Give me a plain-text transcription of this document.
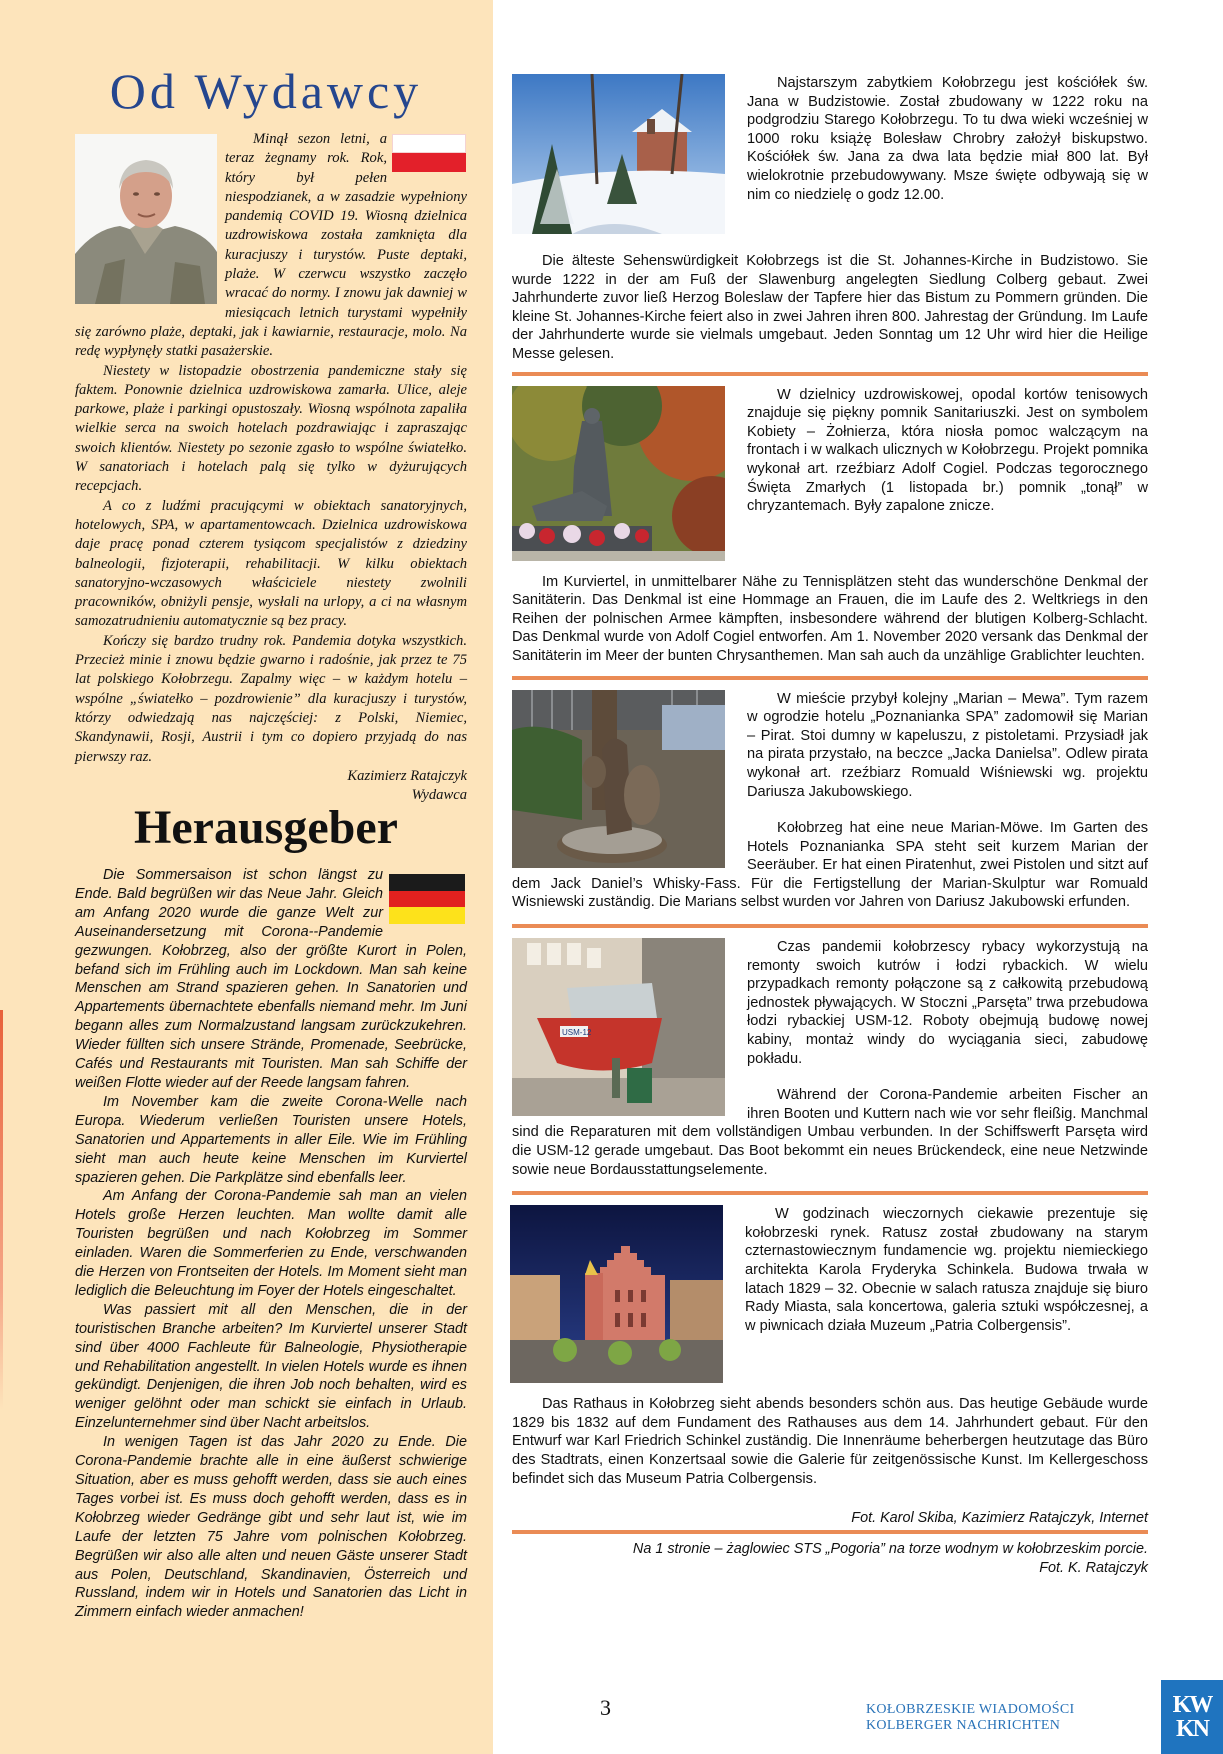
Od Wydawcy

Minął sezon letni, a teraz żegnamy rok. Rok, który był pełen niespodzianek, a w zasadzie wypełniony pandemią COVID 19. Wiosną dzielnica uzdrowiskowa została zamknięta dla kuracjuszy i turystów. Puste deptaki, plaże. W czerwcu wszystko zaczęło wracać do normy. I znowu jak dawniej w miesiącach letnich turystami wypełniły się zarówno plaże, deptaki, jak i kawiarnie, restauracje, molo. Na redę wypłynęły statki pasażerskie.

Niestety w listopadzie obostrzenia pandemiczne stały się faktem. Ponownie dzielnica uzdrowiskowa zamarła. Ulice, aleje parkowe, plaże i parkingi opustoszały. Wiosną wspólnota zapaliła wielkie serca na swoich hotelach pozdrawiając i zapraszając swoich klientów. Niestety po sezonie zgasło to wspólne światełko. W sanatoriach i hotelach palą się tylko w dyżurujących recepcjach.

A co z ludźmi pracującymi w obiektach sanatoryjnych, hotelowych, SPA, w apartamentowcach. Dzielnica uzdrowiskowa daje pracę ponad czterem tysiącom specjalistów z dziedziny balneologii, fizjoterapii, rehabilitacji. W kilku obiektach sanatoryjno-wczasowych właściciele niestety zwolnili pracowników, obniżyli pensje, wysłali na urlopy, a ci na własnym samozatrudnieniu automatycznie są bez pracy.

Kończy się bardzo trudny rok. Pandemia dotyka wszystkich. Przecież minie i znowu będzie gwarno i radośnie, jak przez te 75 lat polskiego Kołobrzegu. Zapalmy więc – w każdym hotelu – wspólne „światełko – pozdrowienie” dla kuracjuszy i turystów, którzy odwiedzają nas najczęściej: z Polski, Niemiec, Skandynawii, Rosji, Austrii i tym co dopiero przyjadą do nas pierwszy raz.

Kazimierz Ratajczyk

Wydawca

Herausgeber

Die Sommersaison ist schon längst zu Ende. Bald begrüßen wir das Neue Jahr. Gleich am Anfang 2020 wurde die ganze Welt zur Auseinandersetzung mit Corona--Pandemie gezwungen. Kołobrzeg, also der größte Kurort in Polen, befand sich im Frühling auch im Lockdown. Man sah keine Menschen am Strand spazieren gehen. In Sanatorien und Appartements übernachtete ebenfalls niemand mehr. Im Juni begann alles zum Normalzustand langsam zurückzukehren. Wieder füllten sich unsere Strände, Promenade, Seebrücke, Cafés und Restaurants mit Touristen. Man sah Schiffe der weißen Flotte wieder auf der Reede langsam fahren.

Im November kam die zweite Corona-Welle nach Europa. Wiederum verließen Touristen unsere Hotels, Sanatorien und Appartements in aller Eile. Wie im Frühling sieht man auch heute keine Menschen im Kurviertel spazieren gehen. Die Parkplätze sind ebenfalls leer.

Am Anfang der Corona-Pandemie sah man an vielen Hotels große Herzen leuchten. Man wollte damit alle Touristen begrüßen und nach Kołobrzeg im Sommer einladen. Waren die Sommerferien zu Ende, verschwanden die Herzen von Frontseiten der Hotels. Im Moment sieht man lediglich die Beleuchtung im Foyer der Hotels eingeschaltet.

Was passiert mit all den Menschen, die in der touristischen Branche arbeiten? Im Kurviertel unserer Stadt sind über 4000 Fachleute für Balneologie, Physiotherapie und Rehabilitation angestellt. In vielen Hotels wurde es ihnen gekündigt. Denjenigen, die ihren Job noch behalten, wird es weniger gelöhnt oder man schickt sie einfach in Urlaub. Einzelunternehmer sind über Nacht arbeitslos.

In wenigen Tagen ist das Jahr 2020 zu Ende. Die Corona-Pandemie brachte alle in eine äußerst schwierige Situation, aber es muss gehofft werden, dass sie auch eines Tages vorbei ist. Es muss doch gehofft werden, dass es in Kołobrzeg wieder Gedränge gibt und sehr laut ist, wie im Laufe der letzten 75 Jahre vom polnischen Kołobrzeg. Begrüßen wir also alle alten und neuen Gäste unserer Stadt aus Polen, Deutschland, Skandinavien, Österreich und Russland, indem wir in Hotels und Sanatorien das Licht in Zimmern einfach wieder anmachen!

Najstarszym zabytkiem Kołobrzegu jest kościółek św. Jana w Budzistowie. Został zbudowany w 1222 roku na podgrodziu Starego Kołobrzegu. To tu dwa wieki wcześniej w 1000 roku książę Bolesław Chrobry założył biskupstwo. Kościółek św. Jana za dwa lata będzie miał 800 lat. Był wielokrotnie przebudowywany. Msze święte odbywają się w nim co niedzielę o godz 12.00.

Die älteste Sehenswürdigkeit Kołobrzegs ist die St. Johannes-Kirche in Budzistowo. Sie wurde 1222 in der am Fuß der Slawenburg angelegten Siedlung Colberg gebaut. Zwei Jahrhunderte zuvor ließ Herzog Boleslaw der Tapfere hier das Bistum zu Pommern gründen. Die kleine St. Johannes-Kirche feiert also in zwei Jahren ihren 800. Jahrestag der Gründung. Im Laufe der Jahrhunderte wurde sie vielmals umgebaut. Jeden Sonntag um 12 Uhr wird hier die Heilige Messe gelesen.

W dzielnicy uzdrowiskowej, opodal kortów tenisowych znajduje się piękny pomnik Sanitariuszki. Jest on symbolem Kobiety – Żołnierza, która niosła pomoc walczącym na frontach i w walkach ulicznych w Kołobrzegu. Projekt pomnika wykonał art. rzeźbiarz Adolf Cogiel. Podczas tegorocznego Święta Zmarłych (1 listopada br.) pomnik „tonął” w chryzantemach. Były zapalone znicze.

Im Kurviertel, in unmittelbarer Nähe zu Tennisplätzen steht das wunderschöne Denkmal der Sanitäterin. Das Denkmal ist eine Hommage an Frauen, die im Laufe des 2. Weltkriegs in den Reihen der polnischen Armee kämpften, insbesondere während der blutigen Kolberg-Schlacht. Das Denkmal wurde von Adolf Cogiel entworfen. Am 1. November 2020 versank das Denkmal der Sanitäterin im Meer der bunten Chrysanthemen. Man sah auch da unzählige Grablichter leuchten.

W mieście przybył kolejny „Marian – Mewa”. Tym razem w ogrodzie hotelu „Poznanianka SPA” zadomowił się Marian – Pirat. Stoi dumny w kapeluszu, z pistoletami. Przysiadł jak na pirata przystało, na beczce „Jacka Danielsa”. Odlew pirata wykonał art. rzeźbiarz Romuald Wiśniewski wg. projektu Dariusza Jakubowskiego.

Kołobrzeg hat eine neue Marian-Möwe. Im Garten des Hotels Poznanianka SPA steht seit kurzem Marian der Seeräuber. Er hat einen Piratenhut, zwei Pistolen und sitzt auf dem Jack Daniel’s Whisky-Fass. Für die Fertigstellung der Marian-Skulptur war Romuald Wisniewski zuständig. Die Marians selbst wurden vor Jahren von Dariusz Jakubowski erfunden.

USM-12

Czas pandemii kołobrzescy rybacy wykorzystują na remonty swoich kutrów i łodzi rybackich. W wielu przypadkach remonty połączone są z całkowitą przebudową jednostek pływających. W Stoczni „Parsęta” trwa przebudowa łodzi rybackiej USM-12. Roboty obejmują budowę nowej kabiny, montaż windy do wyciągania sieci, zabudowę pokładu.

Während der Corona-Pandemie arbeiten Fischer an ihren Booten und Kuttern nach wie vor sehr fleißig. Manchmal sind die Reparaturen mit dem vollständigen Umbau verbunden. In der Schiffswerft Parsęta wird die USM-12 gerade umgebaut. Das Boot bekommt ein neues Brückendeck, eine neue Netzwinde sowie neue Bordausstattungselemente.

W godzinach wieczornych ciekawie prezentuje się kołobrzeski rynek. Ratusz został zbudowany na starym czternastowiecznym fundamencie wg. projektu niemieckiego architekta Karola Fryderyka Schinkela. Budowa trwała w latach 1829 – 32. Obecnie w salach ratusza znajduje się biuro Rady Miasta, sala koncertowa, galeria sztuki współczesnej, a w piwnicach działa Muzeum „Patria Colbergensis”.

Das Rathaus in Kołobrzeg sieht abends besonders schön aus. Das heutige Gebäude wurde 1829 bis 1832 auf dem Fundament des Rathauses aus dem 14. Jahrhundert gebaut. Für den Entwurf war Karl Friedrich Schinkel zuständig. Die Innenräume beherbergen heutzutage das Büro des Stadtrats, einen Konzertsaal sowie die Galerie für zeitgenössische Kunst. Im Kellergeschoss befindet sich das Museum Patria Colbergensis.

Fot. Karol Skiba, Kazimierz Ratajczyk, Internet
Na 1 stronie – żaglowiec STS „Pogoria” na torze wodnym w kołobrzeskim porcie.
Fot. K. Ratajczyk
3	KOŁOBRZESKIE WIADOMOŚCI
KOLBERGER NACHRICHTEN
KW
KN
